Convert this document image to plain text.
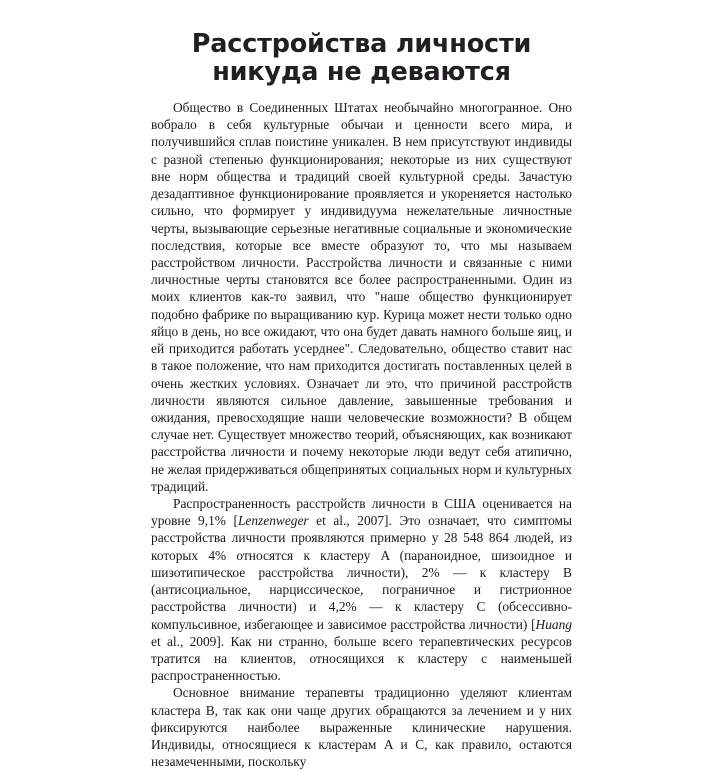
Расстройства личности
никуда не деваются

Общество в Соединенных Штатах необычайно многогранное. Оно вобрало в себя культурные обычаи и ценности всего мира, и получившийся сплав поистине уникален. В нем присутствуют индивиды с разной степенью функционирования; некоторые из них существуют вне норм общества и традиций своей культурной среды. Зачастую дезадаптивное функционирование проявляется и укореняется настолько сильно, что формирует у индивидуума нежелательные личностные черты, вызывающие серьезные негативные социальные и экономические последствия, которые все вместе образуют то, что мы называем расстройством личности. Расстройства личности и связанные с ними личностные черты становятся все более распространенными. Один из моих клиентов как-то заявил, что "наше общество функционирует подобно фабрике по выращиванию кур. Курица может нести только одно яйцо в день, но все ожидают, что она будет давать намного больше яиц, и ей приходится работать усерднее". Следовательно, общество ставит нас в такое положение, что нам приходится достигать поставленных целей в очень жестких условиях. Означает ли это, что причиной расстройств личности являются сильное давление, завышенные требования и ожидания, превосходящие наши человеческие возможности? В общем случае нет. Существует множество теорий, объясняющих, как возникают расстройства личности и почему некоторые люди ведут себя атипично, не желая придерживаться общепринятых социальных норм и культурных традиций.

Распространенность расстройств личности в США оценивается на уровне 9,1% [Lenzenweger et al., 2007]. Это означает, что симптомы расстройства личности проявляются примерно у 28 548 864 людей, из которых 4% относятся к кластеру A (параноидное, шизоидное и шизотипическое расстройства личности), 2% — к кластеру B (антисоциальное, нарциссическое, пограничное и гистрионное расстройства личности) и 4,2% — к кластеру C (обсессивно-компульсивное, избегающее и зависимое расстройства личности) [Huang et al., 2009]. Как ни странно, больше всего терапевтических ресурсов тратится на клиентов, относящихся к кластеру с наименьшей распространенностью.

Основное внимание терапевты традиционно уделяют клиентам кластера B, так как они чаще других обращаются за лечением и у них фиксируются наиболее выраженные клинические нарушения. Индивиды, относящиеся к кластерам A и C, как правило, остаются незамеченными, поскольку
